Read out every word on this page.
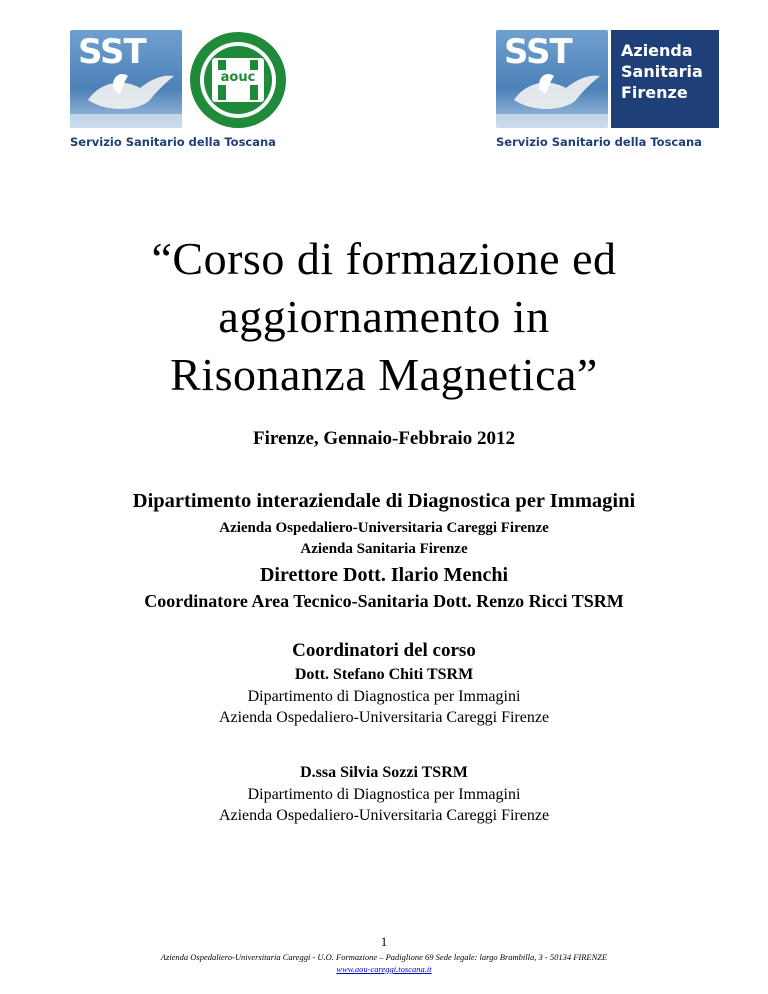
SST
aouc
Servizio Sanitario della Toscana
SST	Azienda
Sanitaria
Firenze
Servizio Sanitario della Toscana
“Corso di formazione ed
aggiornamento in
Risonanza Magnetica”
Firenze, Gennaio-Febbraio 2012
Dipartimento interaziendale di Diagnostica per Immagini
Azienda Ospedaliero-Universitaria Careggi Firenze
Azienda Sanitaria Firenze
Direttore Dott. Ilario Menchi
Coordinatore Area Tecnico-Sanitaria Dott. Renzo Ricci TSRM
Coordinatori del corso
Dott. Stefano Chiti TSRM
Dipartimento di Diagnostica per Immagini
Azienda Ospedaliero-Universitaria Careggi Firenze
D.ssa Silvia Sozzi TSRM
Dipartimento di Diagnostica per Immagini
Azienda Ospedaliero-Universitaria Careggi Firenze
1
Azienda Ospedaliero-Universitaria Careggi - U.O. Formazione – Padiglione 69 Sede legale: largo Brambilla, 3 - 50134 FIRENZE
www.aou-careggi.toscana.it
